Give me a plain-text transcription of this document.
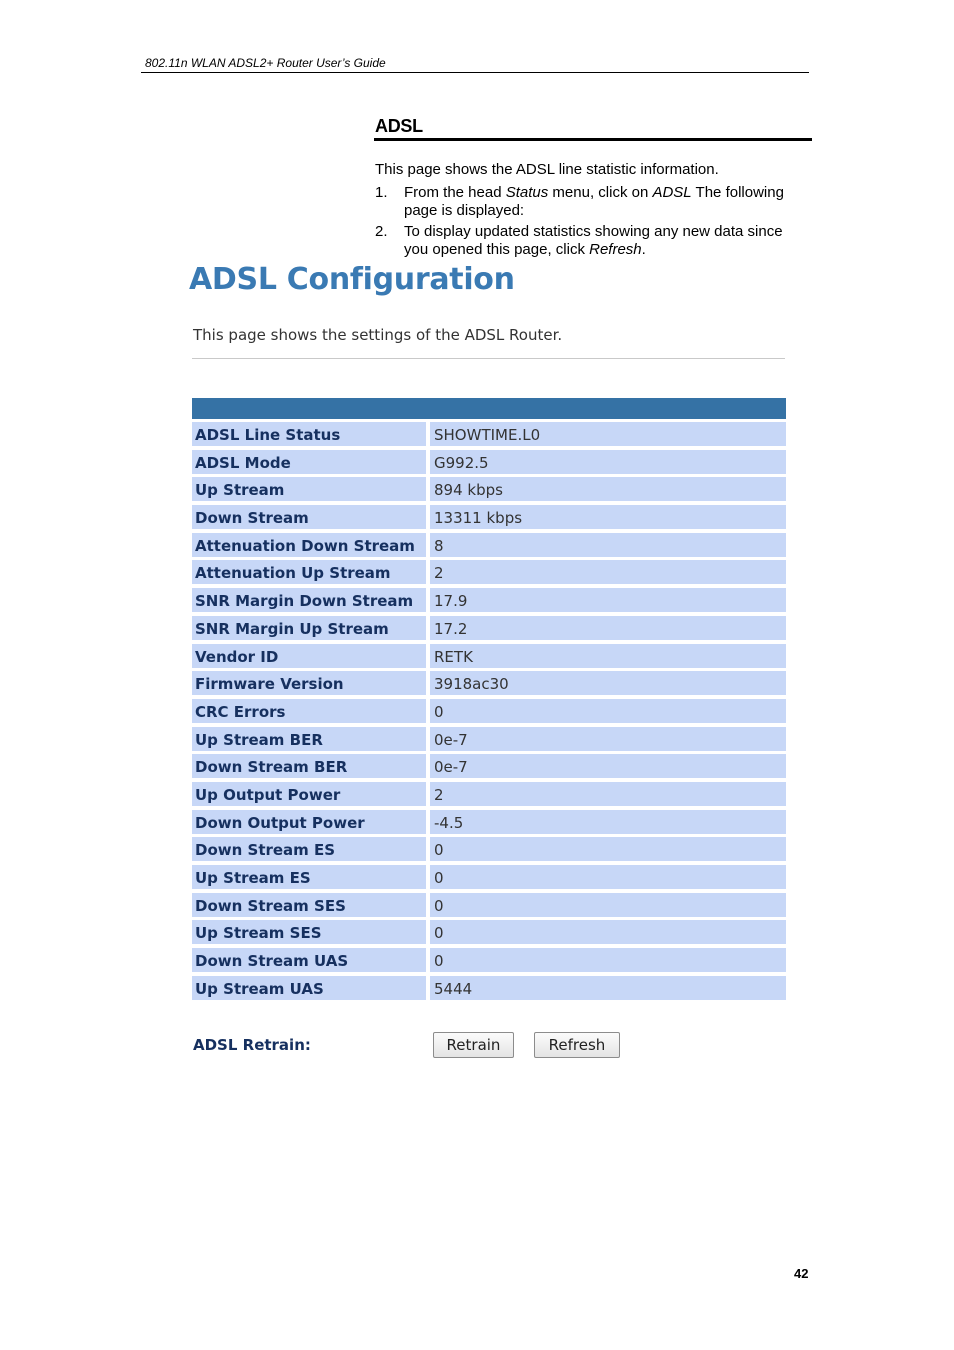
802.11n WLAN ADSL2+ Router User’s Guide
ADSL
This page shows the ADSL line statistic information.
1.	From the head Status menu, click on ADSL The following page is displayed:
2.	To display updated statistics showing any new data since you opened this page, click Refresh.
ADSL Configuration
This page shows the settings of the ADSL Router.
ADSL Line Status	SHOWTIME.L0
ADSL Mode	G992.5
Up Stream	894 kbps
Down Stream	13311 kbps
Attenuation Down Stream	8
Attenuation Up Stream	2
SNR Margin Down Stream	17.9
SNR Margin Up Stream	17.2
Vendor ID	RETK
Firmware Version	3918ac30
CRC Errors	0
Up Stream BER	0e-7
Down Stream BER	0e-7
Up Output Power	2
Down Output Power	-4.5
Down Stream ES	0
Up Stream ES	0
Down Stream SES	0
Up Stream SES	0
Down Stream UAS	0
Up Stream UAS	5444
ADSL Retrain:	Retrain	Refresh
42
